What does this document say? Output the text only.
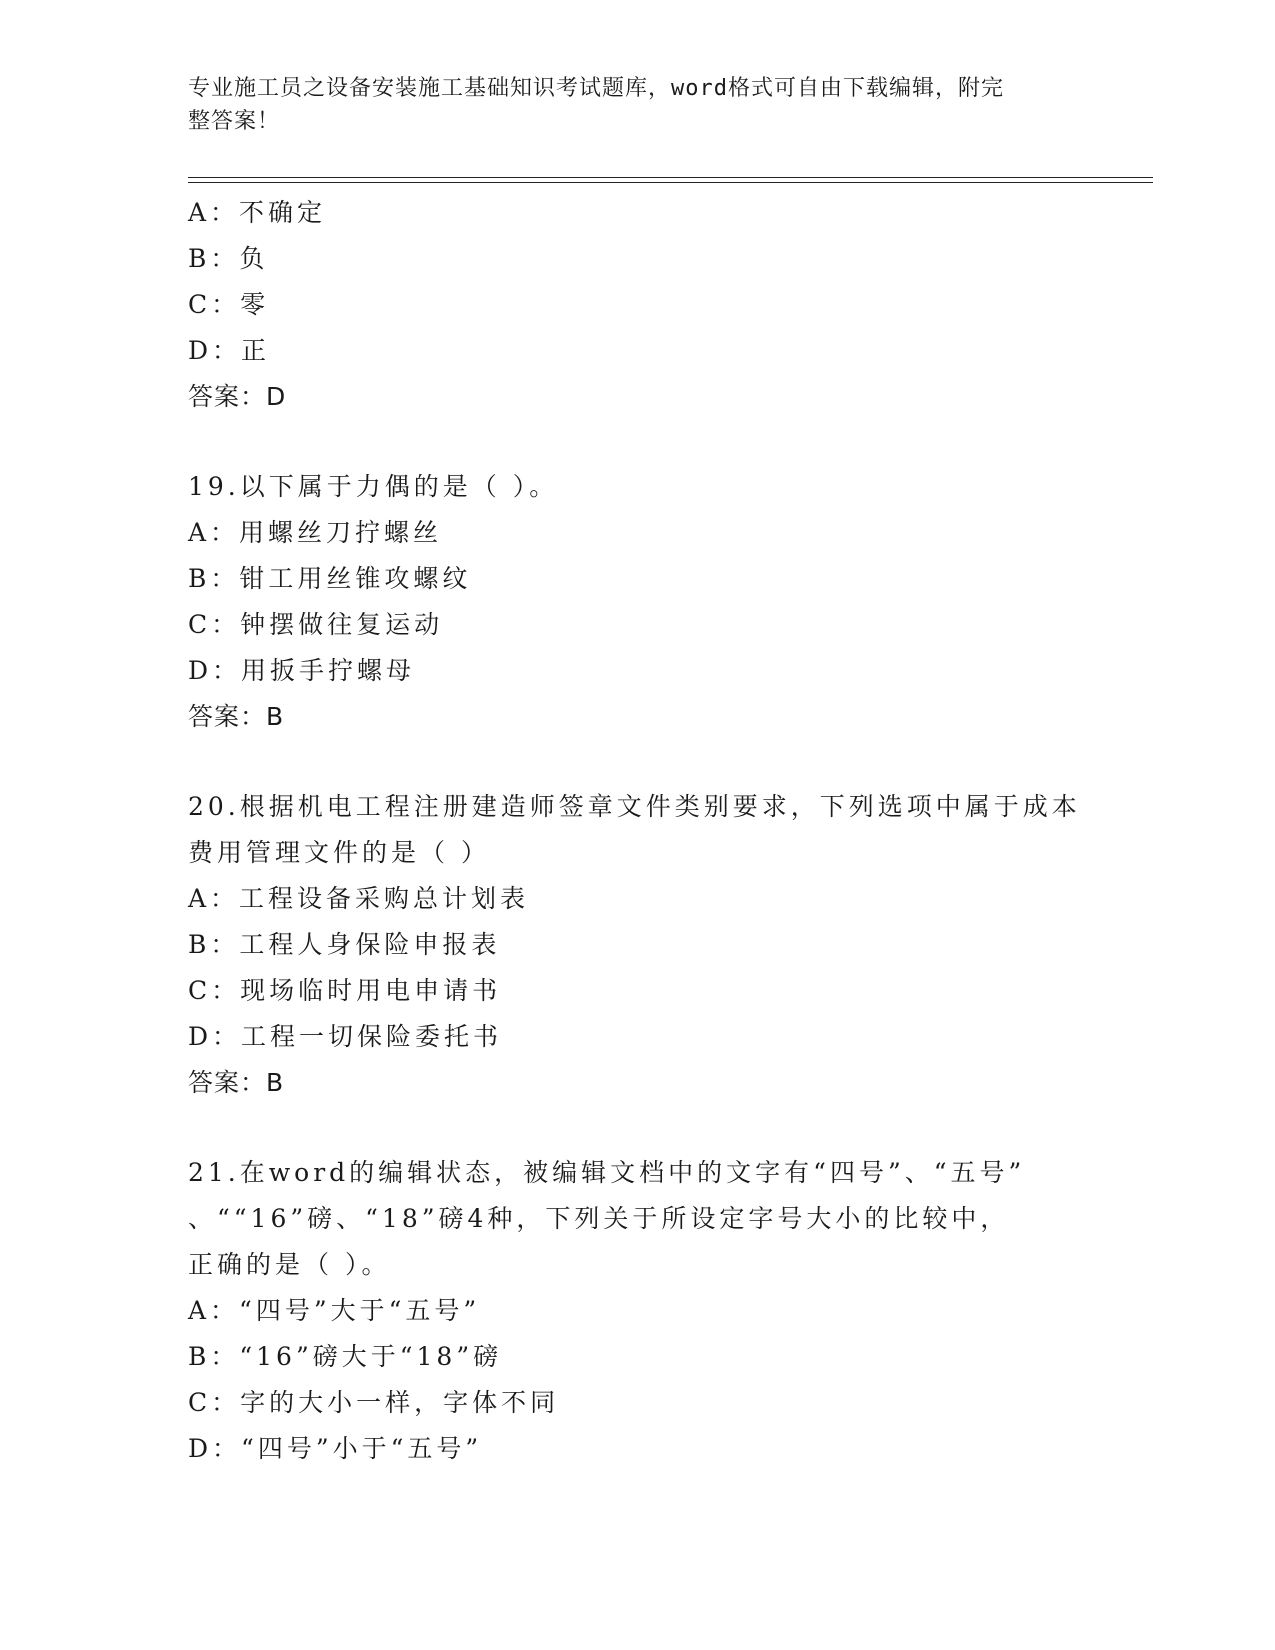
专业施工员之设备安装施工基础知识考试题库，word格式可自由下载编辑，附完
整答案！
A：不确定
B：负
C：零
D：正
答案：D
19.以下属于力偶的是（ ）。
A：用螺丝刀拧螺丝
B：钳工用丝锥攻螺纹
C：钟摆做往复运动
D：用扳手拧螺母
答案：B
20.根据机电工程注册建造师签章文件类别要求，下列选项中属于成本
费用管理文件的是（ ）
A：工程设备采购总计划表
B：工程人身保险申报表
C：现场临时用电申请书
D：工程一切保险委托书
答案：B
21.在word的编辑状态，被编辑文档中的文字有“四号”、“五号”
、““16”磅、“18”磅4种，下列关于所设定字号大小的比较中，
正确的是（ ）。
A：“四号”大于“五号”
B：“16”磅大于“18”磅
C：字的大小一样，字体不同
D：“四号”小于“五号”
